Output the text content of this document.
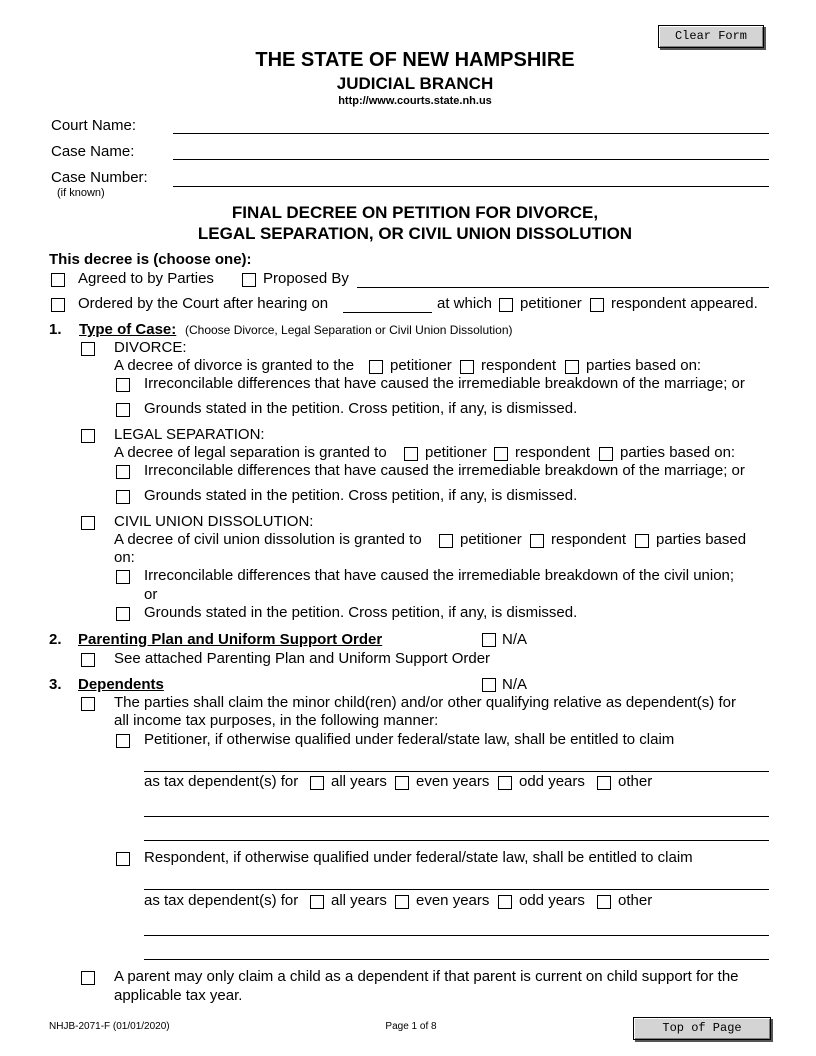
Clear Form
Top of Page
THE STATE OF NEW HAMPSHIRE
JUDICIAL BRANCH
http://www.courts.state.nh.us
Court Name:
Case Name:
Case Number:
(if known)
FINAL DECREE ON PETITION FOR DIVORCE,
LEGAL SEPARATION, OR CIVIL UNION DISSOLUTION
This decree is (choose one):
Agreed to by Parties	Proposed By
Ordered by the Court after hearing on	at which petitioner respondent appeared.
1. Type of Case: (Choose Divorce, Legal Separation or Civil Union Dissolution)
DIVORCE:
A decree of divorce is granted to the petitioner respondent parties based on:
Irreconcilable differences that have caused the irremediable breakdown of the marriage; or
Grounds stated in the petition. Cross petition, if any, is dismissed.
LEGAL SEPARATION:
A decree of legal separation is granted to	petitioner respondent parties based on:
Irreconcilable differences that have caused the irremediable breakdown of the marriage; or
Grounds stated in the petition. Cross petition, if any, is dismissed.
CIVIL UNION DISSOLUTION:
A decree of civil union dissolution is granted to	petitioner respondent parties based
on:
Irreconcilable differences that have caused the irremediable breakdown of the civil union;
or
Grounds stated in the petition. Cross petition, if any, is dismissed.
2. Parenting Plan and Uniform Support Order	N/A
See attached Parenting Plan and Uniform Support Order
3. Dependents	N/A
The parties shall claim the minor child(ren) and/or other qualifying relative as dependent(s) for
all income tax purposes, in the following manner:
Petitioner, if otherwise qualified under federal/state law, shall be entitled to claim
as tax dependent(s) for all years even years odd years other
Respondent, if otherwise qualified under federal/state law, shall be entitled to claim
as tax dependent(s) for all years even years odd years other
A parent may only claim a child as a dependent if that parent is current on child support for the
applicable tax year.
NHJB-2071-F (01/01/2020)	Page 1 of 8
